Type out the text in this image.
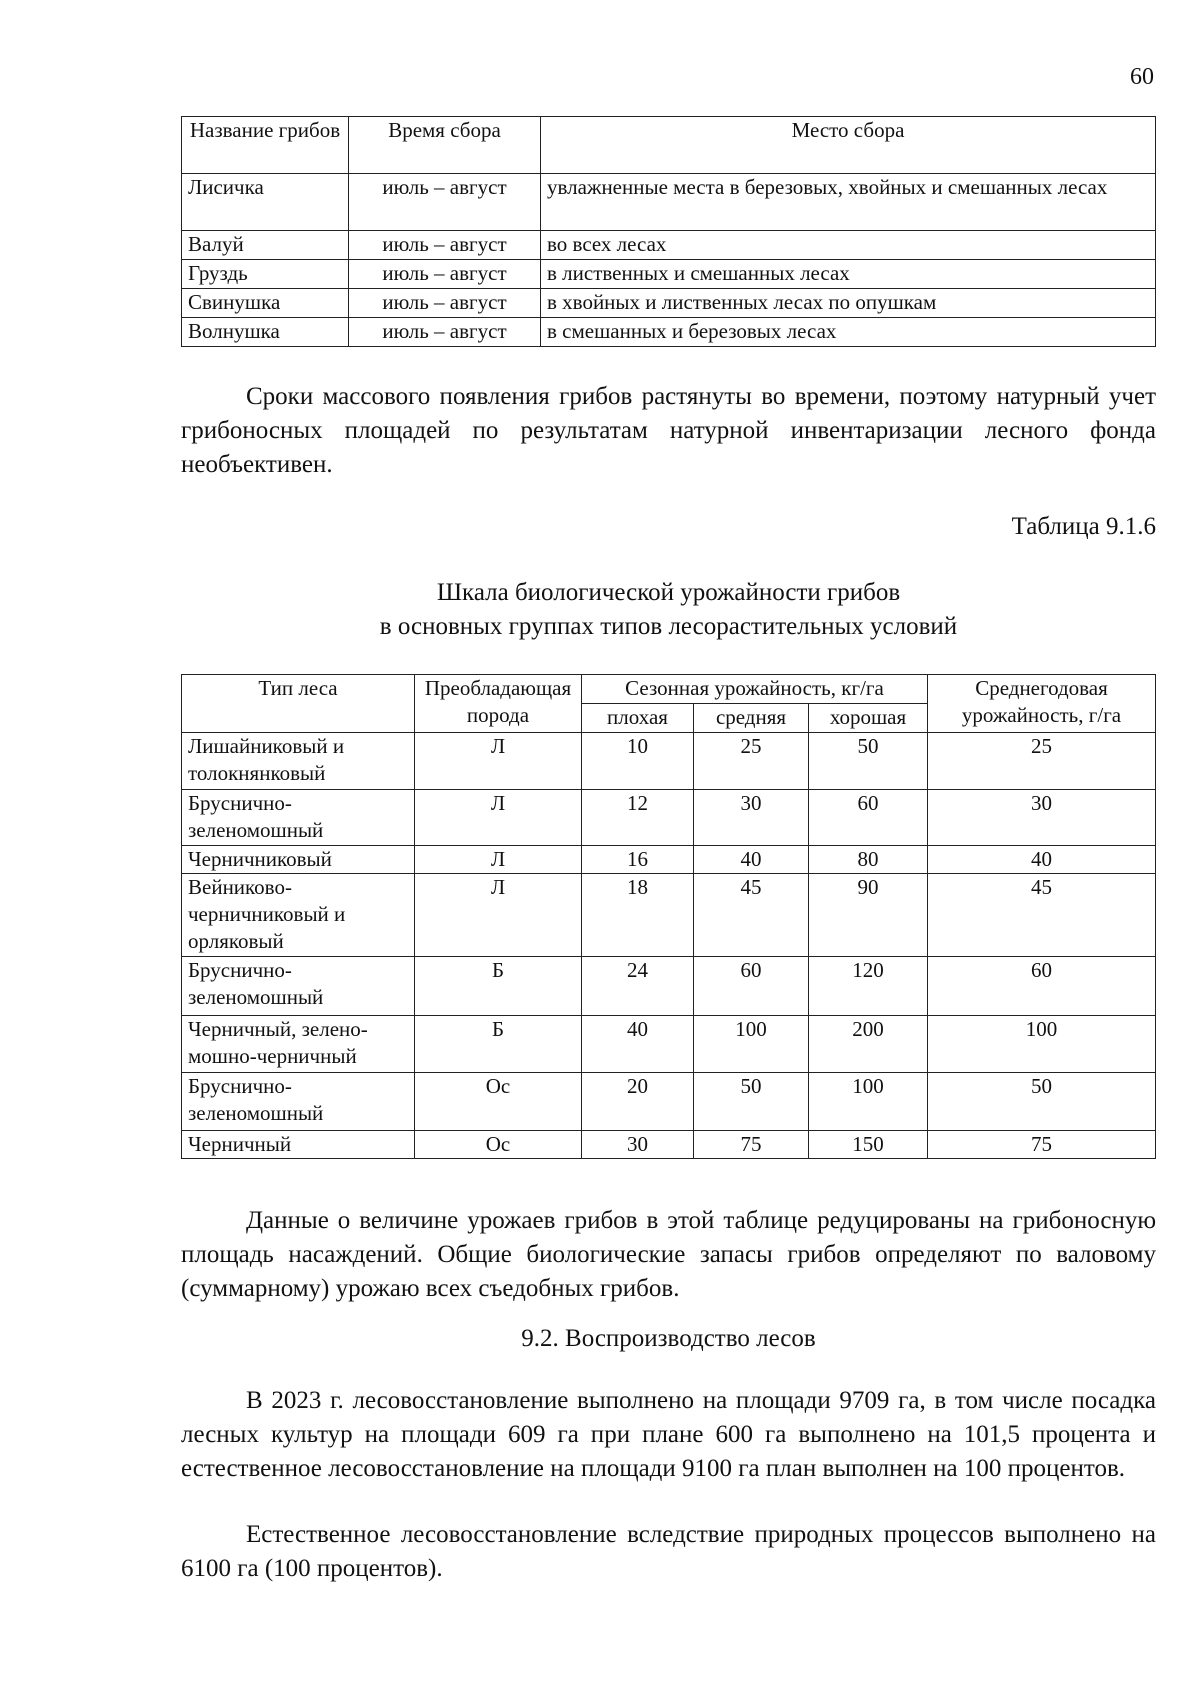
60
Название грибов	Время сбора	Место сбора
Лисичка	июль – август	увлажненные места в березовых, хвойных и смешанных лесах
Валуй	июль – август	во всех лесах
Груздь	июль – август	в лиственных и смешанных лесах
Свинушка	июль – август	в хвойных и лиственных лесах по опушкам
Волнушка	июль – август	в смешанных и березовых лесах
Сроки массового появления грибов растянуты во времени, поэтому натурный учет грибоносных площадей по результатам натурной инвентаризации лесного фонда необъективен.
Таблица 9.1.6
Шкала биологической урожайности грибов
в основных группах типов лесорастительных условий
Тип леса	Преобладающая порода	Сезонная урожайность, кг/га			Среднегодовая урожайность, г/га
		плохая	средняя	хорошая	
Лишайниковый и толокнянковый	Л	10	25	50	25
Брусничнo-зеленомошный	Л	12	30	60	30
Черничниковый	Л	16	40	80	40
Вейниково-черничниковый и орляковый	Л	18	45	90	45
Брусничнo-зеленомошный	Б	24	60	120	60
Черничный, зелено-мошно-черничный	Б	40	100	200	100
Брусничнo-зеленомошный	Ос	20	50	100	50
Черничный	Ос	30	75	150	75
Данные о величине урожаев грибов в этой таблице редуцированы на грибоносную площадь насаждений. Общие биологические запасы грибов определяют по валовому (суммарному) урожаю всех съедобных грибов.
9.2. Воспроизводство лесов
В 2023 г. лесовосстановление выполнено на площади 9709 га, в том числе посадка лесных культур на площади 609 га при плане 600 га выполнено на 101,5 процента и естественное лесовосстановление на площади 9100 га план выполнен на 100 процентов.
Естественное лесовосстановление вследствие природных процессов выполнено на 6100 га (100 процентов).
